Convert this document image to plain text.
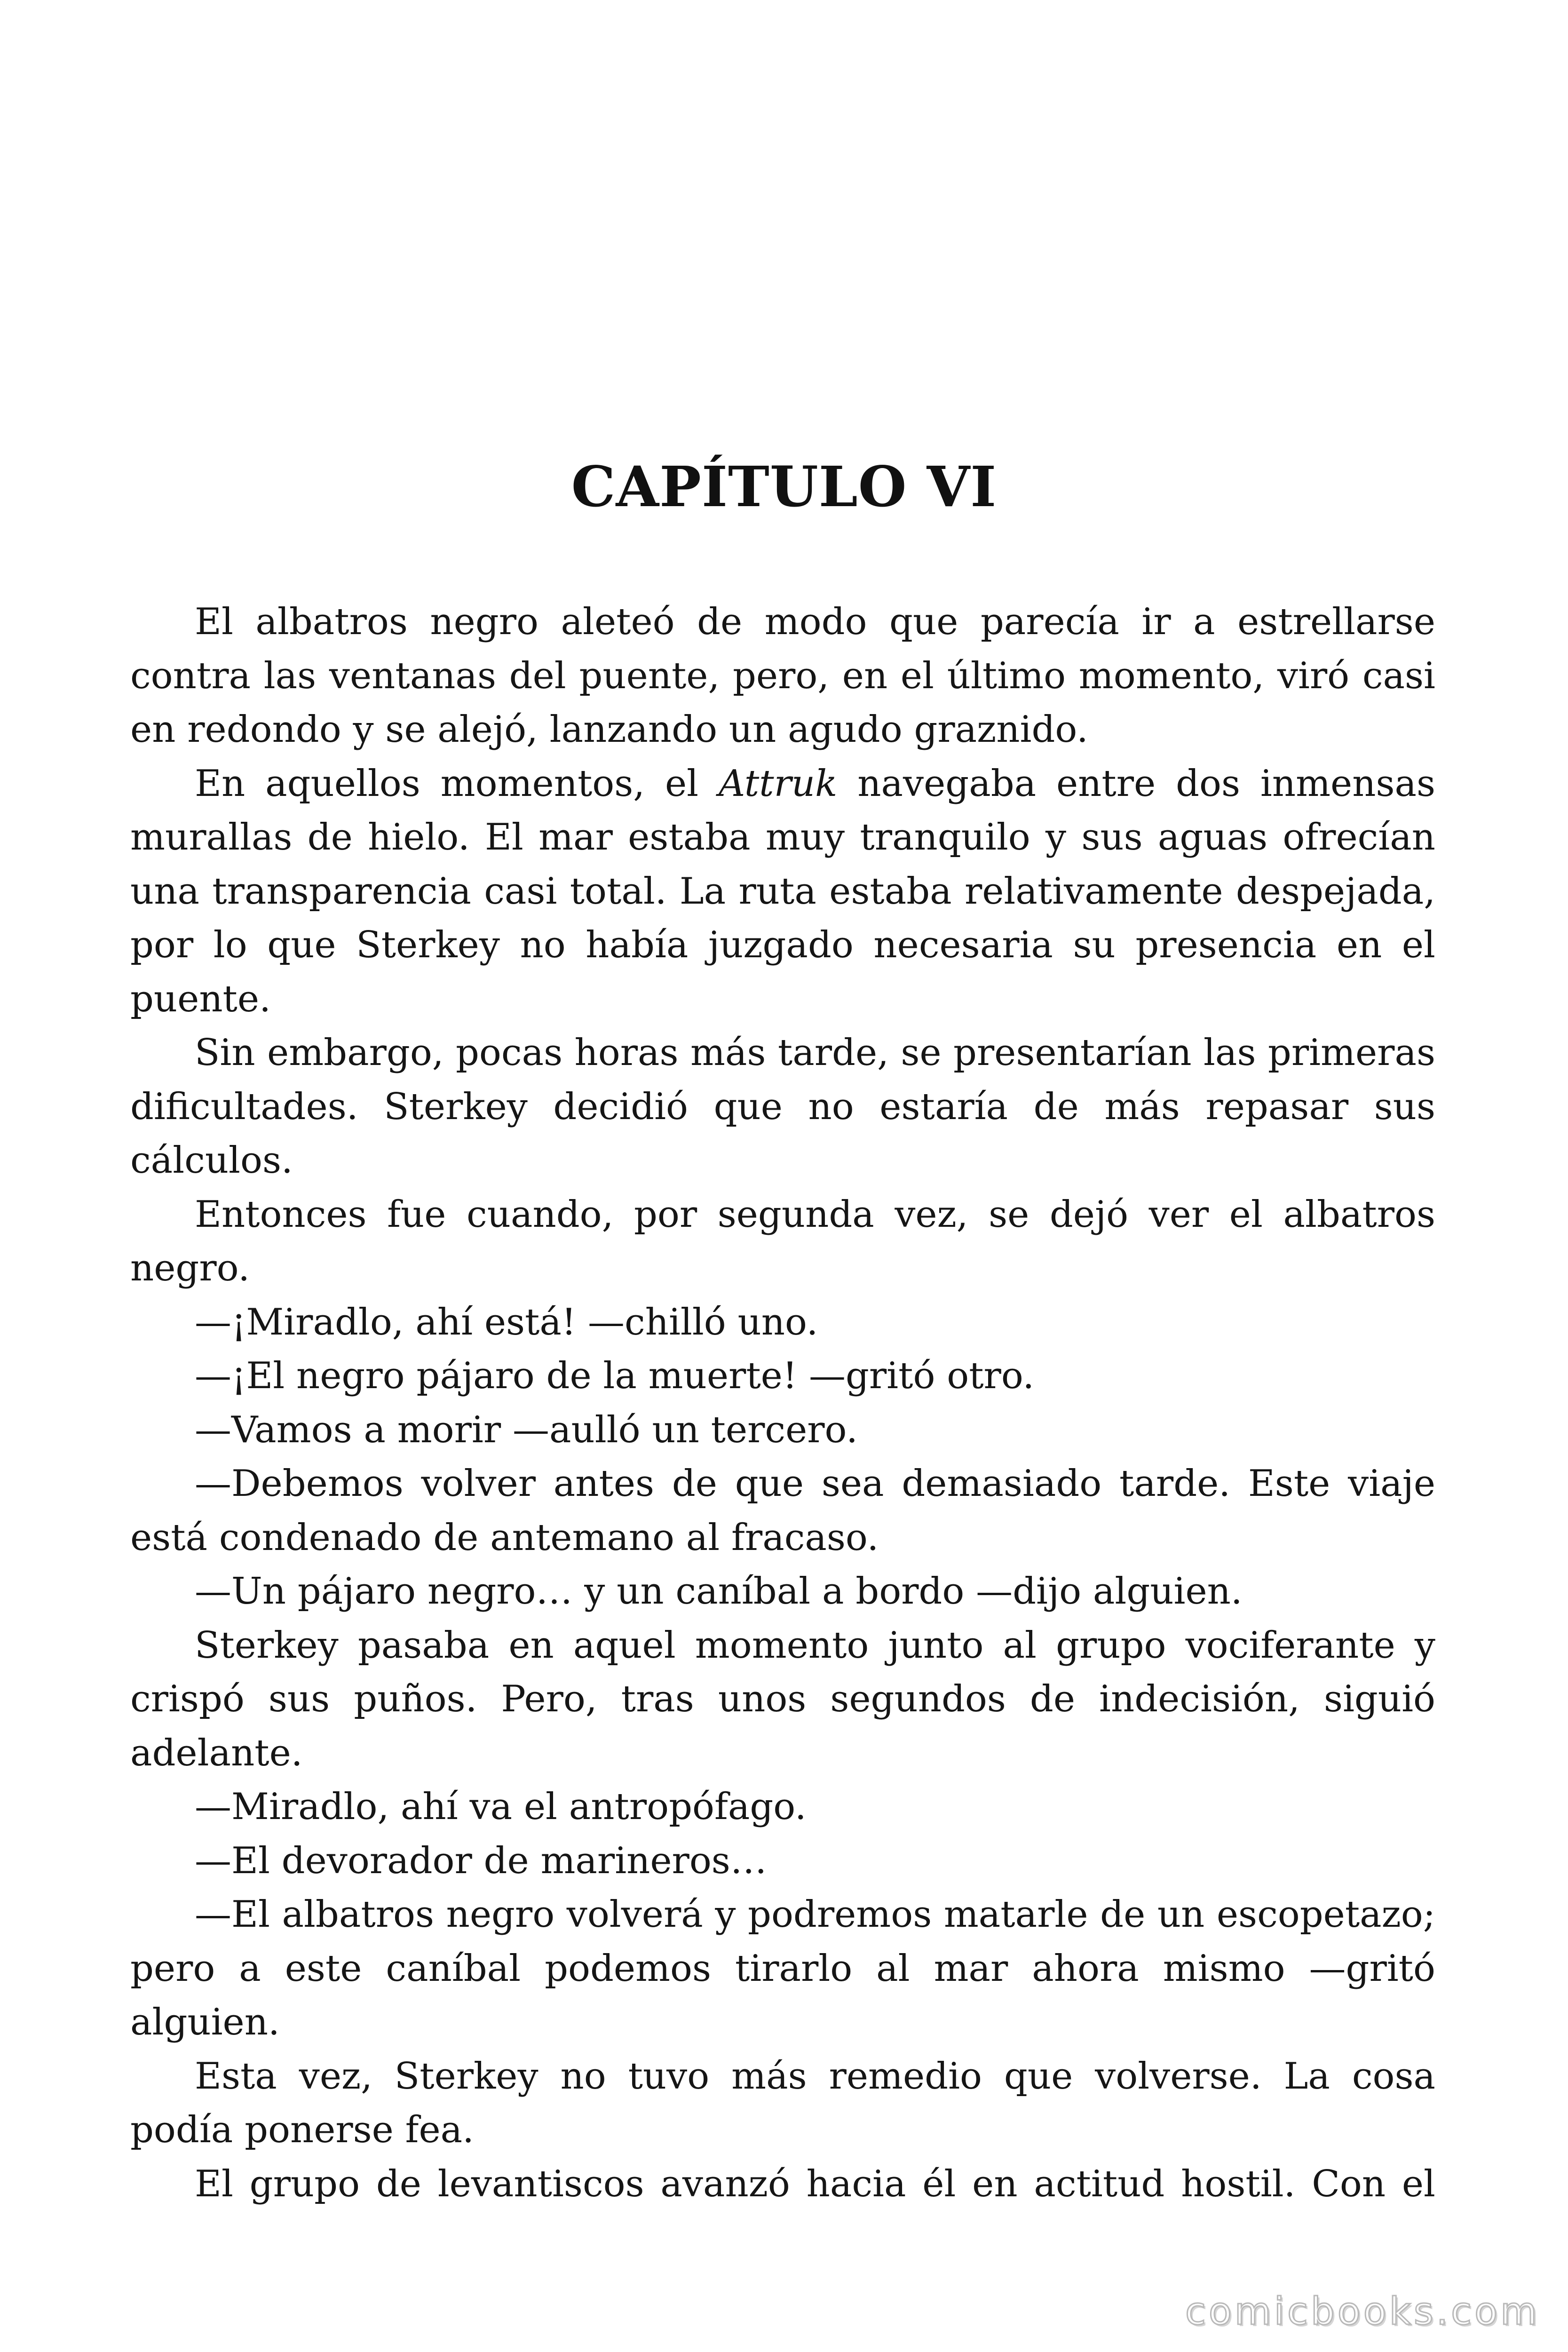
CAPÍTULO VI

El albatros negro aleteó de modo que parecía ir a estrellarse contra las ventanas del puente, pero, en el último momento, viró casi en redondo y se alejó, lanzando un agudo graznido.

En aquellos momentos, el Attruk navegaba entre dos inmensas murallas de hielo. El mar estaba muy tranquilo y sus aguas ofrecían una transparencia casi total. La ruta estaba relativamente despejada, por lo que Sterkey no había juzgado necesaria su presencia en el puente.

Sin embargo, pocas horas más tarde, se presentarían las primeras dificultades. Sterkey decidió que no estaría de más repasar sus cálculos.

Entonces fue cuando, por segunda vez, se dejó ver el albatros negro.

—¡Miradlo, ahí está! —chilló uno.

—¡El negro pájaro de la muerte! —gritó otro.

—Vamos a morir —aulló un tercero.

—Debemos volver antes de que sea demasiado tarde. Este viaje está condenado de antemano al fracaso.

—Un pájaro negro… y un caníbal a bordo —dijo alguien.

Sterkey pasaba en aquel momento junto al grupo vociferante y crispó sus puños. Pero, tras unos segundos de indecisión, siguió adelante.

—Miradlo, ahí va el antropófago.

—El devorador de marineros…

—El albatros negro volverá y podremos matarle de un escopetazo; pero a este caníbal podemos tirarlo al mar ahora mismo —gritó alguien.

Esta vez, Sterkey no tuvo más remedio que volverse. La cosa podía ponerse fea.

El grupo de levantiscos avanzó hacia él en actitud hostil. Con el

comicbooks.com
